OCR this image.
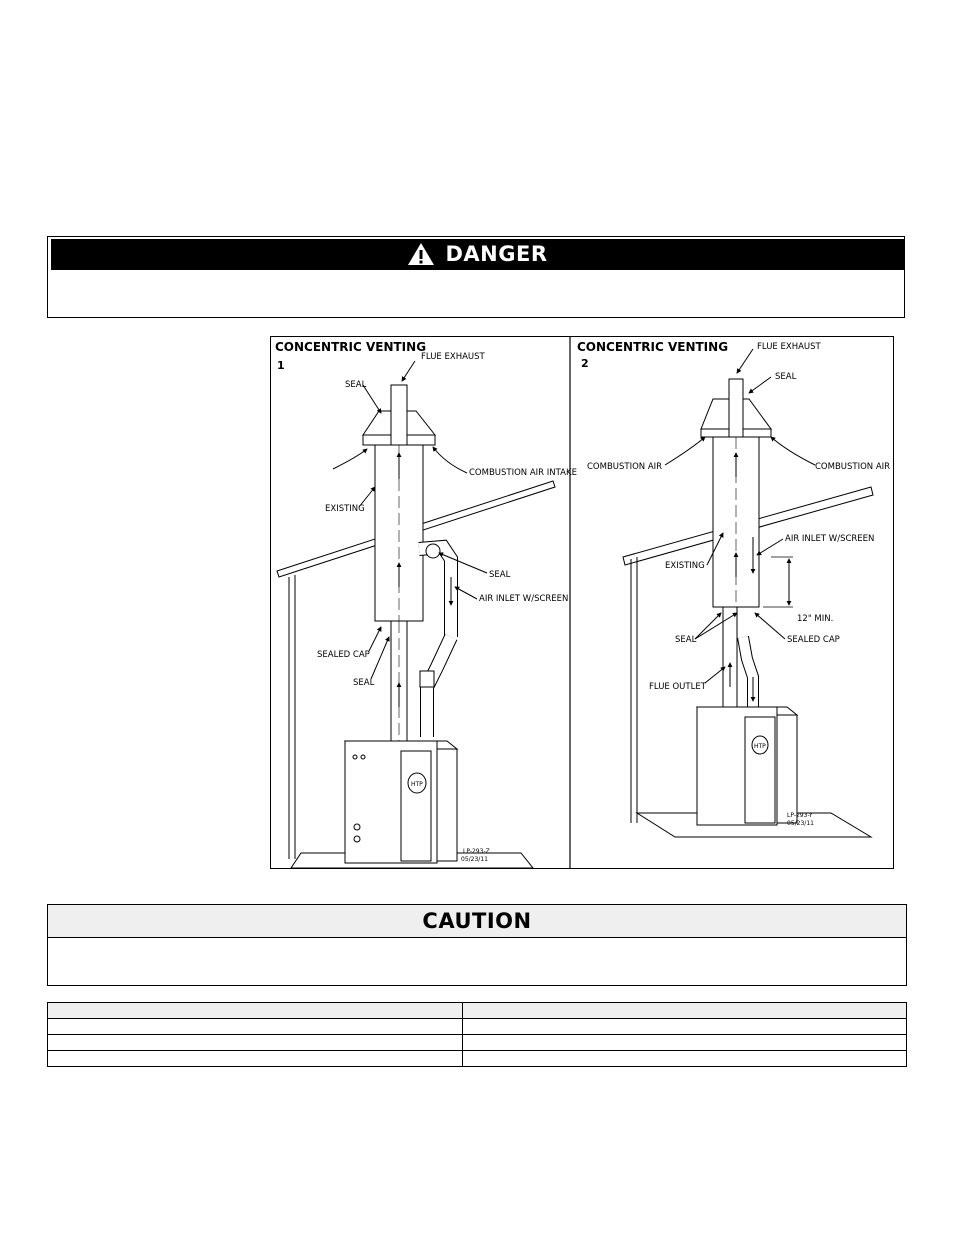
DANGER
HTP
CONCENTRIC VENTING
1
FLUE EXHAUST
SEAL
COMBUSTION AIR INTAKE
EXISTING
SEAL
AIR INLET W/SCREEN
SEALED CAP
SEAL
LP-293-Z
05/23/11
HTP
CONCENTRIC VENTING
2
FLUE EXHAUST
SEAL
COMBUSTION AIR	COMBUSTION AIR
AIR INLET W/SCREEN
EXISTING
12" MIN.
SEAL	SEALED CAP
FLUE OUTLET
LP-293-Y
05/23/11
CAUTION
